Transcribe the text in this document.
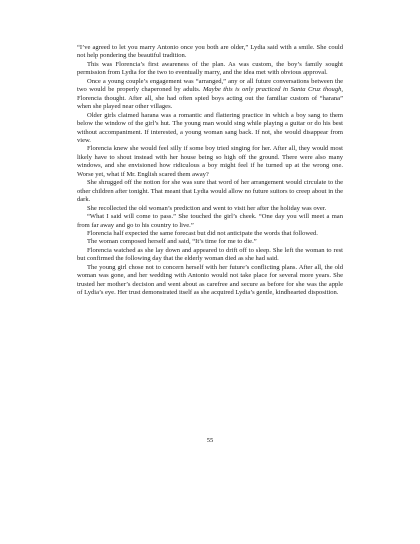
“I’ve agreed to let you marry Antonio once you both are older,” Lydia said with a smile. She could not help pondering the beautiful tradition.

This was Florencia’s first awareness of the plan. As was custom, the boy’s family sought permission from Lydia for the two to eventually marry, and the idea met with obvious approval.

Once a young couple’s engagement was “arranged,” any or all future conversations between the two would be properly chaperoned by adults. Maybe this is only practiced in Santa Cruz though, Florencia thought. After all, she had often spied boys acting out the familiar custom of “harana” when she played near other villages.

Older girls claimed harana was a romantic and flattering practice in which a boy sang to them below the window of the girl’s hut. The young man would sing while playing a guitar or do his best without accompaniment. If interested, a young woman sang back. If not, she would disappear from view.

Florencia knew she would feel silly if some boy tried singing for her. After all, they would most likely have to shout instead with her house being so high off the ground. There were also many windows, and she envisioned how ridiculous a boy might feel if he turned up at the wrong one. Worse yet, what if Mr. English scared them away?

She shrugged off the notion for she was sure that word of her arrangement would circulate to the other children after tonight. That meant that Lydia would allow no future suitors to creep about in the dark.

She recollected the old woman’s prediction and went to visit her after the holiday was over.

“What I said will come to pass.” She touched the girl’s cheek. “One day you will meet a man from far away and go to his country to live.”

Florencia half expected the same forecast but did not anticipate the words that followed.

The woman composed herself and said, “It’s time for me to die.”

Florencia watched as she lay down and appeared to drift off to sleep. She left the woman to rest but confirmed the following day that the elderly woman died as she had said.

The young girl chose not to concern herself with her future’s conflicting plans. After all, the old woman was gone, and her wedding with Antonio would not take place for several more years. She trusted her mother’s decision and went about as carefree and secure as before for she was the apple of Lydia’s eye. Her trust demonstrated itself as she acquired Lydia’s gentle, kindhearted disposition.

55
